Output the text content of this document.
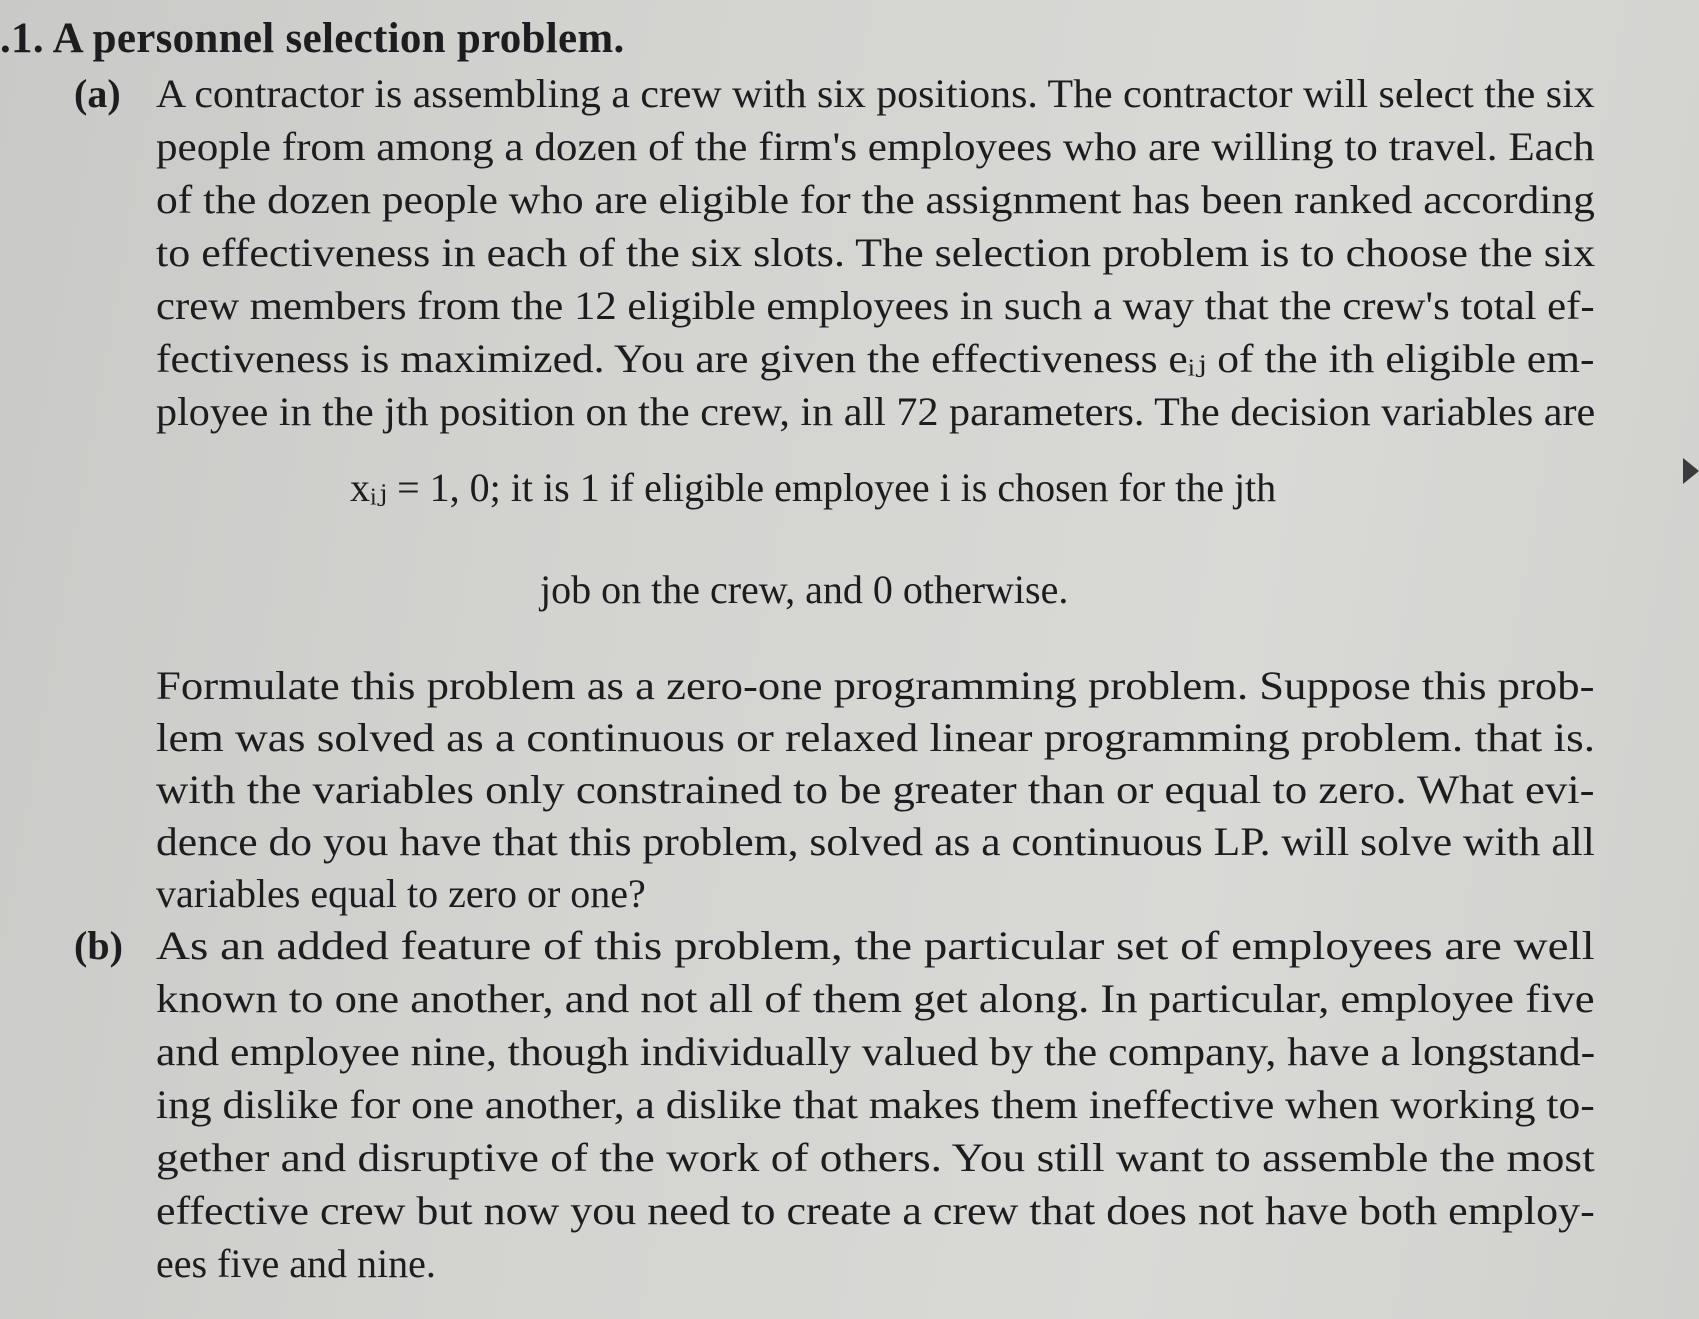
.1. A personnel selection problem.
(a) A contractor is assembling a crew with six positions. The contractor will select the six
people from among a dozen of the firm's employees who are willing to travel. Each
of the dozen people who are eligible for the assignment has been ranked according
to effectiveness in each of the six slots. The selection problem is to choose the six
crew members from the 12 eligible employees in such a way that the crew's total ef-
fectiveness is maximized. You are given the effectiveness eᵢⱼ of the ith eligible em-
ployee in the jth position on the crew, in all 72 parameters. The decision variables are
xᵢⱼ = 1, 0; it is 1 if eligible employee i is chosen for the jth
job on the crew, and 0 otherwise.
Formulate this problem as a zero-one programming problem. Suppose this prob-
lem was solved as a continuous or relaxed linear programming problem. that is.
with the variables only constrained to be greater than or equal to zero. What evi-
dence do you have that this problem, solved as a continuous LP. will solve with all
variables equal to zero or one?
(b) As an added feature of this problem, the particular set of employees are well
known to one another, and not all of them get along. In particular, employee five
and employee nine, though individually valued by the company, have a longstand-
ing dislike for one another, a dislike that makes them ineffective when working to-
gether and disruptive of the work of others. You still want to assemble the most
effective crew but now you need to create a crew that does not have both employ-
ees five and nine.
